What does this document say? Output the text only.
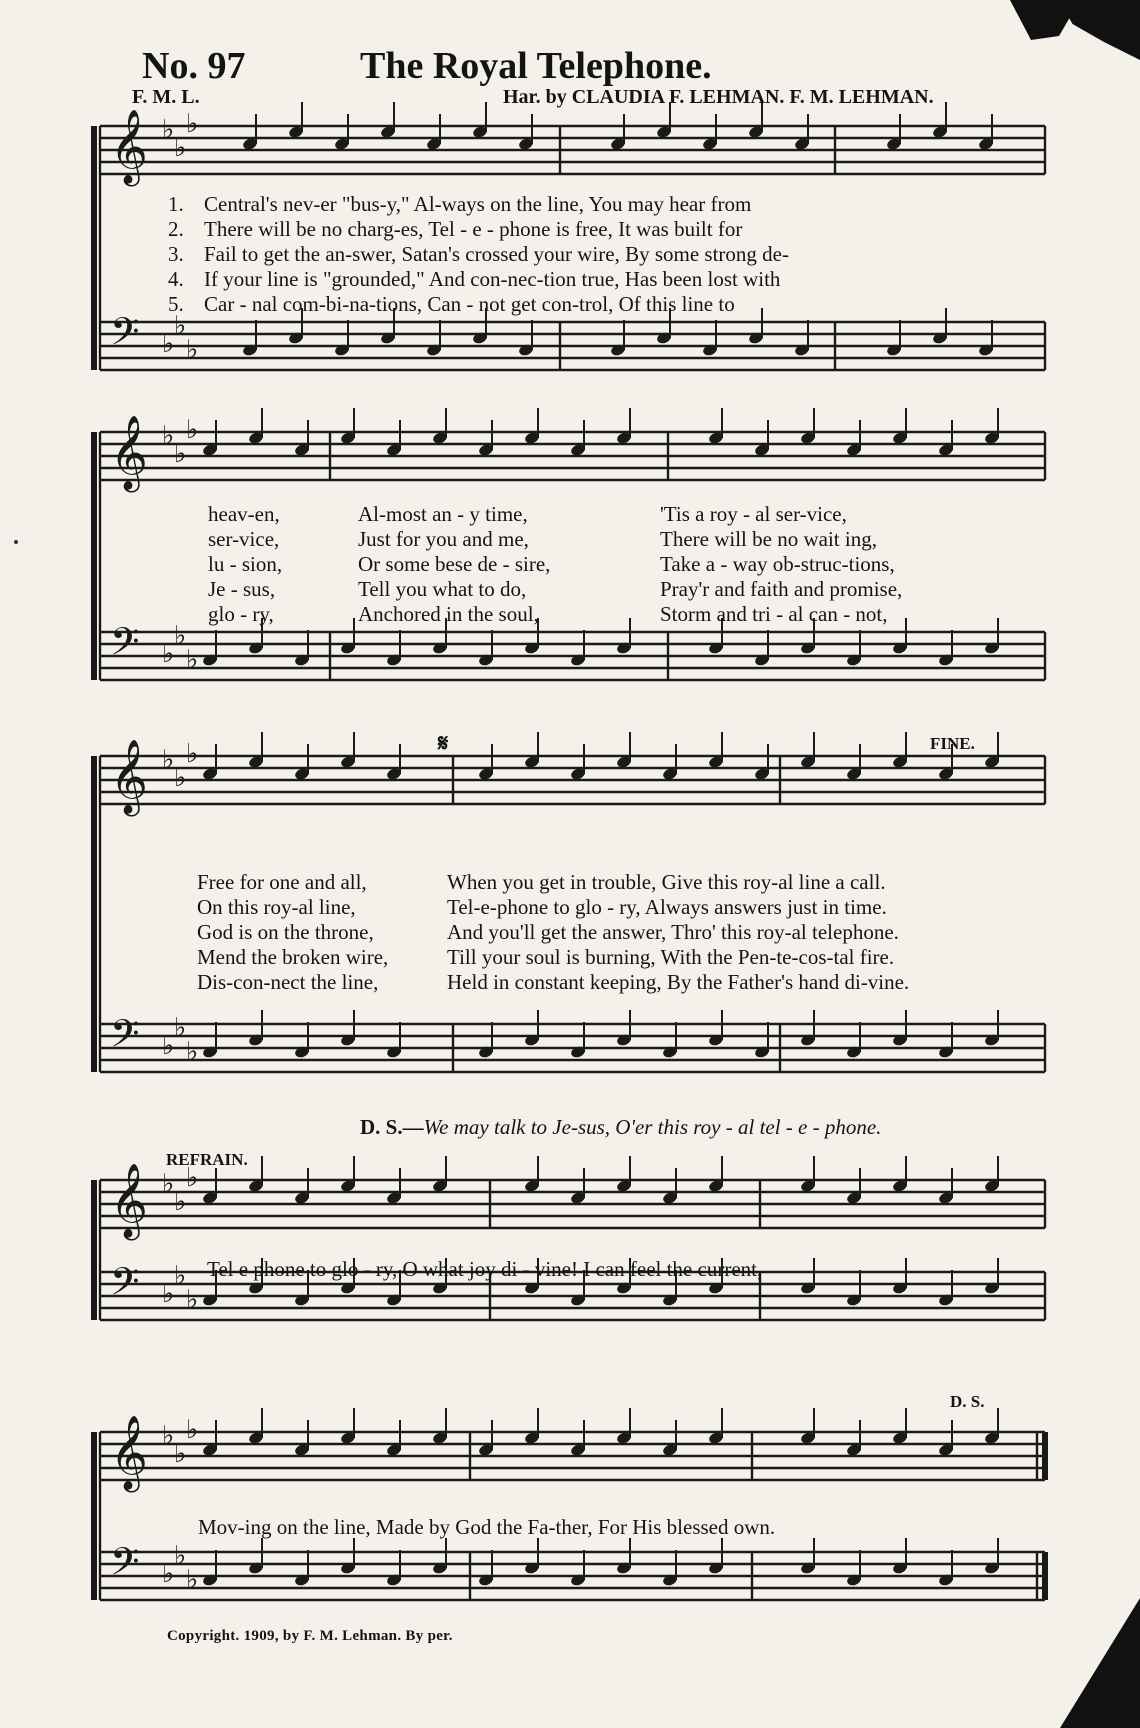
No. 97	The Royal Telephone.
F. M. L.	Har. by CLAUDIA F. LEHMAN. F. M. LEHMAN.
𝄞 ♭
♭
♭
𝄢 ♭
♭
♭
𝄞 ♭
♭
♭
𝄢 ♭
♭
♭
𝄞 ♭
♭
♭
𝄢 ♭
♭
♭
𝄞 ♭
♭
♭
𝄢 ♭
♭
♭
𝄞 ♭
♭
♭
𝄢 ♭
♭
♭
1. Central's nev-er "bus-y," Al-ways on the line, You may hear from
2. There will be no charg-es, Tel - e - phone is free, It was built for
3. Fail to get the an-swer, Satan's crossed your wire, By some strong de-
4. If your line is "grounded," And con-nec-tion true, Has been lost with
5. Car - nal com-bi-na-tions, Can - not get con-trol, Of this line to
heav-en,
ser-vice,
lu - sion,
Je - sus,
glo - ry,
Al-most an - y time,
Just for you and me,
Or some bese de - sire,
Tell you what to do,
Anchored in the soul,
'Tis a roy - al ser-vice,
There will be no wait ing,
Take a - way ob-struc-tions,
Pray'r and faith and promise,
Storm and tri - al can - not,
Free for one and all,
On this roy-al line,
God is on the throne,
Mend the broken wire,
Dis-con-nect the line,
When you get in trouble, Give this roy-al line a call.
Tel-e-phone to glo - ry, Always answers just in time.
And you'll get the answer, Thro' this roy-al telephone.
Till your soul is burning, With the Pen-te-cos-tal fire.
Held in constant keeping, By the Father's hand di-vine.
FINE.
𝄋
D. S.—We may talk to Je-sus, O'er this roy - al tel - e - phone.
REFRAIN.
Tel e phone to glo - ry, O what joy di - vine! I can feel the current,
D. S.
Mov-ing on the line, Made by God the Fa-ther, For His blessed own.
Copyright. 1909, by F. M. Lehman. By per.
